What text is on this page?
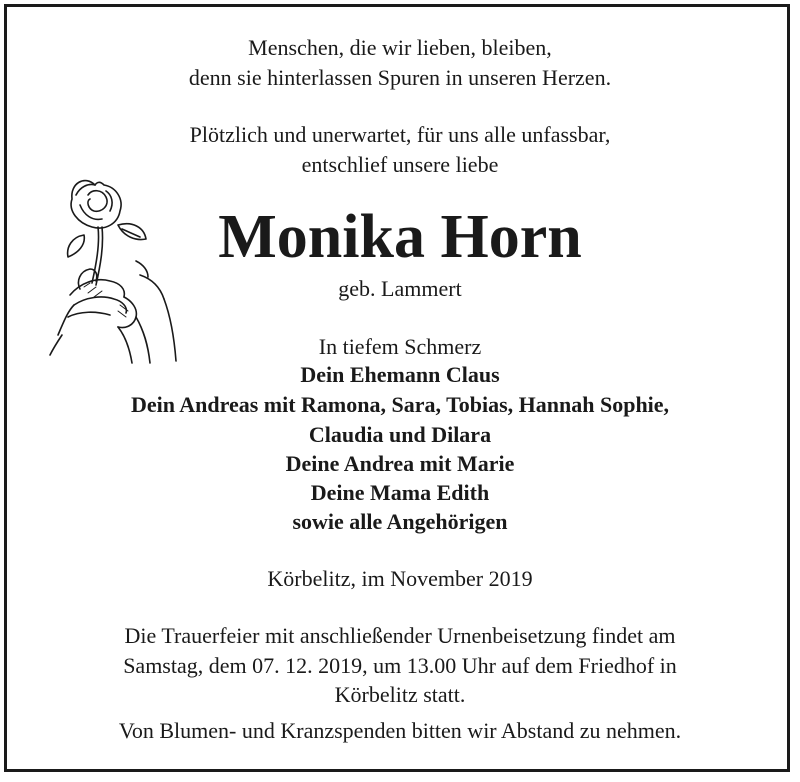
Menschen, die wir lieben, bleiben,
denn sie hinterlassen Spuren in unseren Herzen.
Plötzlich und unerwartet, für uns alle unfassbar,
entschlief unsere liebe
Monika Horn
geb. Lammert
In tiefem Schmerz
Dein Ehemann Claus
Dein Andreas mit Ramona, Sara, Tobias, Hannah Sophie,
Claudia und Dilara
Deine Andrea mit Marie
Deine Mama Edith
sowie alle Angehörigen
Körbelitz, im November 2019
Die Trauerfeier mit anschließender Urnenbeisetzung findet am
Samstag, dem 07. 12. 2019, um 13.00 Uhr auf dem Friedhof in
Körbelitz statt.
Von Blumen- und Kranzspenden bitten wir Abstand zu nehmen.
